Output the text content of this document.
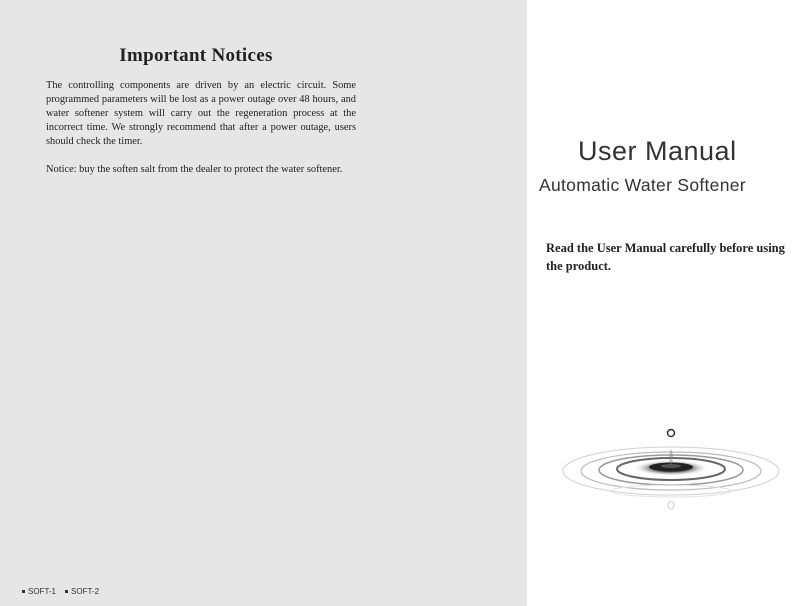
Important Notices

The controlling components are driven by an electric circuit. Some programmed parameters will be lost as a power outage over 48 hours, and water softener system will carry out the regeneration process at the incorrect time. We strongly recommend that after a power outage, users should check the timer.

Notice: buy the soften salt from the dealer to protect the water softener.

SOFT-1 SOFT-2
User Manual
Automatic Water Softener
Read the User Manual carefully before using the product.
